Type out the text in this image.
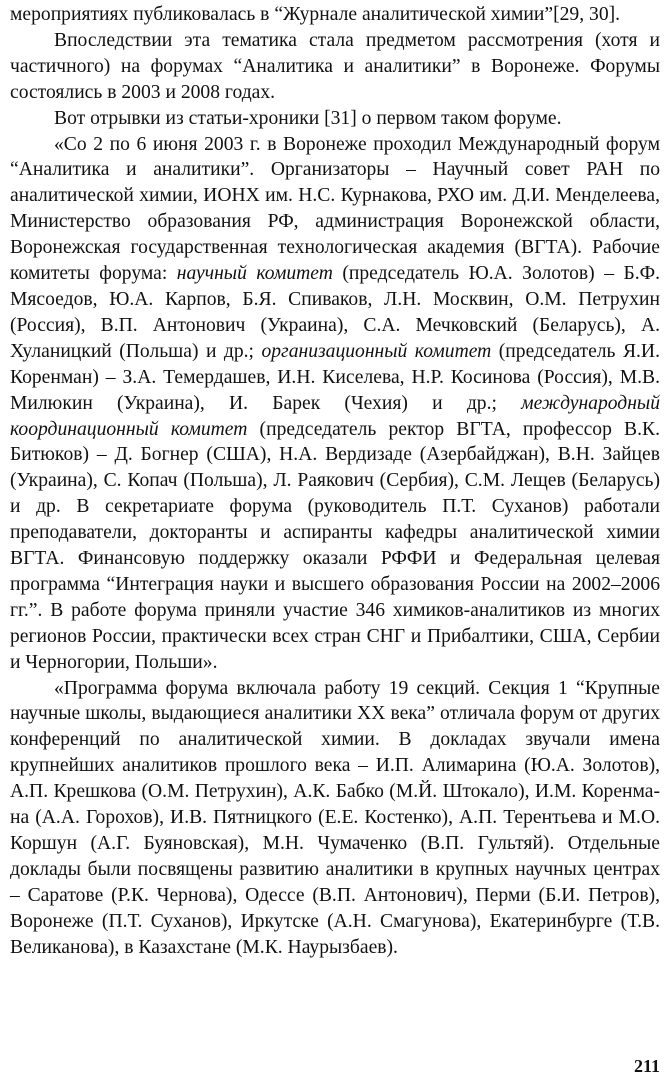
мероприятиях публиковалась в “Журнале аналитической химии”[29, 30].

Впоследствии эта тематика стала предметом рассмотрения (хотя и частичного) на форумах “Аналитика и аналитики” в Воронеже. Форумы состоялись в 2003 и 2008 годах.

Вот отрывки из статьи-хроники [31] о первом таком форуме.

«Со 2 по 6 июня 2003 г. в Воронеже проходил Международный форум “Аналитика и аналитики”. Организаторы – Научный совет РАН по аналитической химии, ИОНХ им. Н.С. Курнакова, РХО им. Д.И. Менделеева, Министерство образования РФ, администрация Воронежской области, Воронежская государственная технологическая академия (ВГТА). Рабочие комитеты форума: научный комитет (председатель Ю.А. Золотов) – Б.Ф. Мясоедов, Ю.А. Карпов, Б.Я. Спиваков, Л.Н. Москвин, О.М. Петрухин (Россия), В.П. Антонович (Украина), С.А. Мечковский (Беларусь), А. Хуланицкий (Польша) и др.; организационный комитет (председатель Я.И. Коренман) – З.А. Темердашев, И.Н. Киселева, Н.Р. Косинова (Россия), М.В. Милюкин (Украина), И. Барек (Чехия) и др.; международный координационный комитет (председатель ректор ВГТА, профессор В.К. Битюков) – Д. Богнер (США), Н.А. Вердизаде (Азербайджан), В.Н. Зайцев (Украина), С. Копач (Польша), Л. Раякович (Сербия), С.М. Лещев (Беларусь) и др. В секретариате форума (руководитель П.Т. Суханов) работали преподаватели, докторанты и аспиранты кафедры аналитической химии ВГТА. Финансовую поддержку оказали РФФИ и Федеральная целевая программа “Интеграция науки и высшего образования России на 2002–2006 гг.”. В работе форума приняли участие 346 химиков-аналитиков из многих регионов России, практически всех стран СНГ и Прибалтики, США, Сербии и Черногории, Польши».

«Программа форума включала работу 19 секций. Секция 1 “Крупные научные школы, выдающиеся аналитики XX века” отличала форум от других конференций по аналитической химии. В докладах звучали имена крупнейших аналитиков прошлого века – И.П. Алимарина (Ю.А. Золотов), А.П. Крешкова (О.М. Петрухин), А.К. Бабко (М.Й. Штокало), И.М. Коренмана (А.А. Горохов), И.В. Пятницкого (Е.Е. Костенко), А.П. Терентьева и М.О. Коршун (А.Г. Буяновская), М.Н. Чумаченко (В.П. Гультяй). Отдельные доклады были посвящены развитию аналитики в крупных научных центрах – Саратове (Р.К. Чернова), Одессе (В.П. Антонович), Перми (Б.И. Петров), Воронеже (П.Т. Суханов), Иркутске (А.Н. Смагунова), Екатеринбурге (Т.В. Великанова), в Казахстане (М.К. Наурызбаев).

211
